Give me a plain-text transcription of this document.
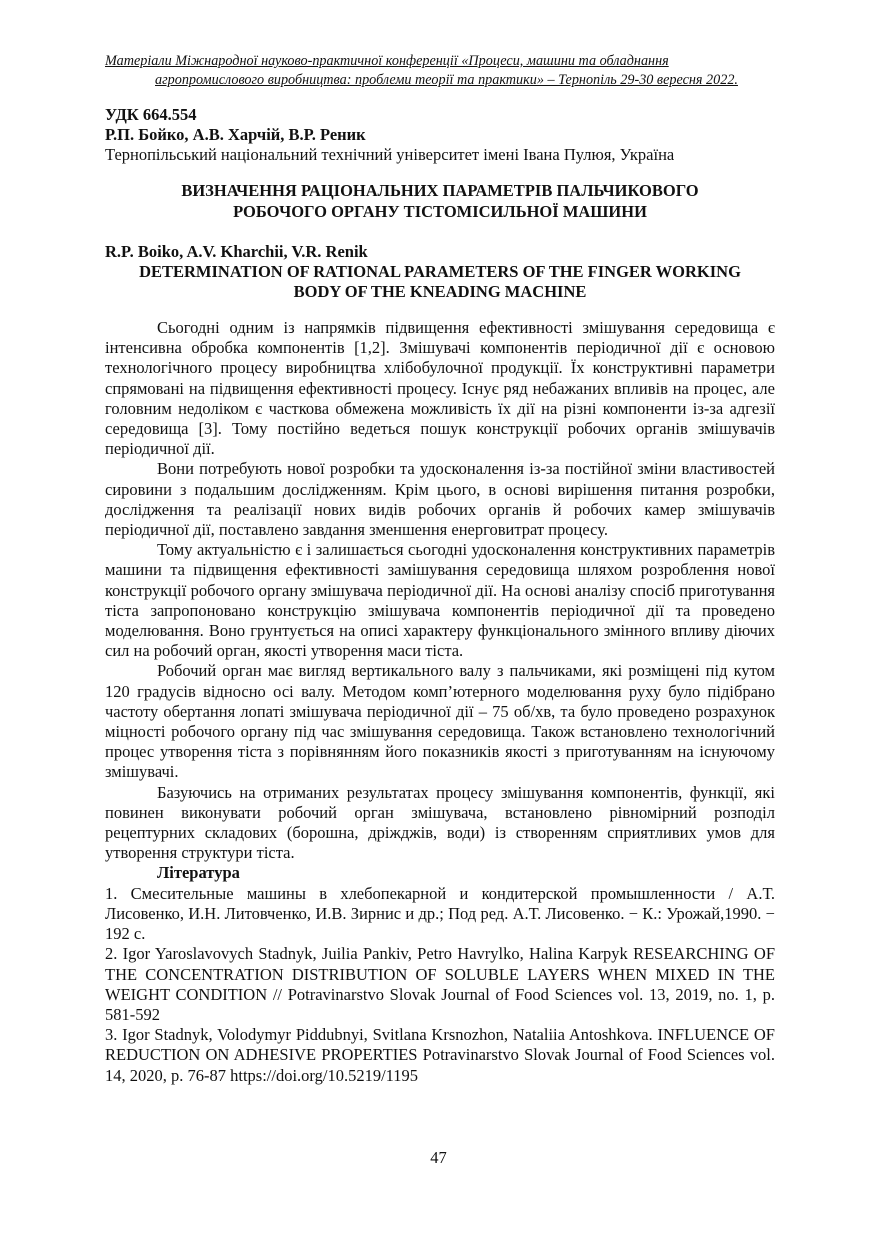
Матеріали Міжнародної науково-практичної конференції «Процеси, машини та обладнання
агропромислового виробництва: проблеми теорії та практики» – Тернопіль 29-30 вересня 2022.
УДК 664.554
Р.П. Бойко, А.В. Харчій, В.Р. Реник
Тернопільський національний технічний університет імені Івана Пулюя, Україна
ВИЗНАЧЕННЯ РАЦІОНАЛЬНИХ ПАРАМЕТРІВ ПАЛЬЧИКОВОГО
РОБОЧОГО ОРГАНУ ТІСТОМІСИЛЬНОЇ МАШИНИ
R.P. Boiko, A.V. Kharchii, V.R. Renik
DETERMINATION OF RATIONAL PARAMETERS OF THE FINGER WORKING
BODY OF THE KNEADING MACHINE

Сьогодні одним із напрямків підвищення ефективності змішування середовища є інтенсивна обробка компонентів [1,2]. Змішувачі компонентів періодичної дії є основою технологічного процесу виробництва хлібобулочної продукції. Їх конструктивні параметри спрямовані на підвищення ефективності процесу. Існує ряд небажаних впливів на процес, але головним недоліком є часткова обмежена можливість їх дії на різні компоненти із-за адгезії середовища [3]. Тому постійно ведеться пошук конструкції робочих органів змішувачів періодичної дії.

Вони потребують нової розробки та удосконалення із-за постійної зміни властивостей сировини з подальшим дослідженням. Крім цього, в основі вирішення питання розробки, дослідження та реалізації нових видів робочих органів й робочих камер змішувачів періодичної дії, поставлено завдання зменшення енерговитрат процесу.

Тому актуальністю є і залишається сьогодні удосконалення конструктивних параметрів машини та підвищення ефективності замішування середовища шляхом розроблення нової конструкції робочого органу змішувача періодичної дії. На основі аналізу спосіб приготування тіста запропоновано конструкцію змішувача компонентів періодичної дії та проведено моделювання. Воно грунтується на описі характеру функціонального змінного впливу діючих сил на робочий орган, якості утворення маси тіста.

Робочий орган має вигляд вертикального валу з пальчиками, які розміщені під кутом 120 градусів відносно осі валу. Методом комп’ютерного моделювання руху було підібрано частоту обертання лопаті змішувача періодичної дії – 75 об/хв, та було проведено розрахунок міцності робочого органу під час змішування середовища. Також встановлено технологічний процес утворення тіста з порівнянням його показників якості з приготуванням на існуючому змішувачі.

Базуючись на отриманих результатах процесу змішування компонентів, функції, які повинен виконувати робочий орган змішувача, встановлено рівномірний розподіл рецептурних складових (борошна, дріжджів, води) із створенням сприятливих умов для утворення структури тіста.

Література

1. Смесительные машины в хлебопекарной и кондитерской промышленности / А.Т. Лисовенко, И.Н. Литовченко, И.В. Зирнис и др.; Под ред. А.Т. Лисовенко. − К.: Урожай,1990. − 192 с.

2. Igor Yaroslavovych Stadnyk, Juilia Pankiv, Petro Havrylko, Halina Karpyk RESEARCHING OF THE CONCENTRATION DISTRIBUTION OF SOLUBLE LAYERS WHEN MIXED IN THE WEIGHT CONDITION // Potravinarstvo Slovak Journal of Food Sciences vol. 13, 2019, no. 1, p. 581-592

3. Igor Stadnyk, Volodymyr Piddubnyi, Svitlana Krsnozhon, Nataliia Antoshkova. INFLUENCE OF REDUCTION ON ADHESIVE PROPERTIES Potravinarstvo Slovak Journal of Food Sciences vol. 14, 2020, p. 76-87 https://doi.org/10.5219/1195

47
